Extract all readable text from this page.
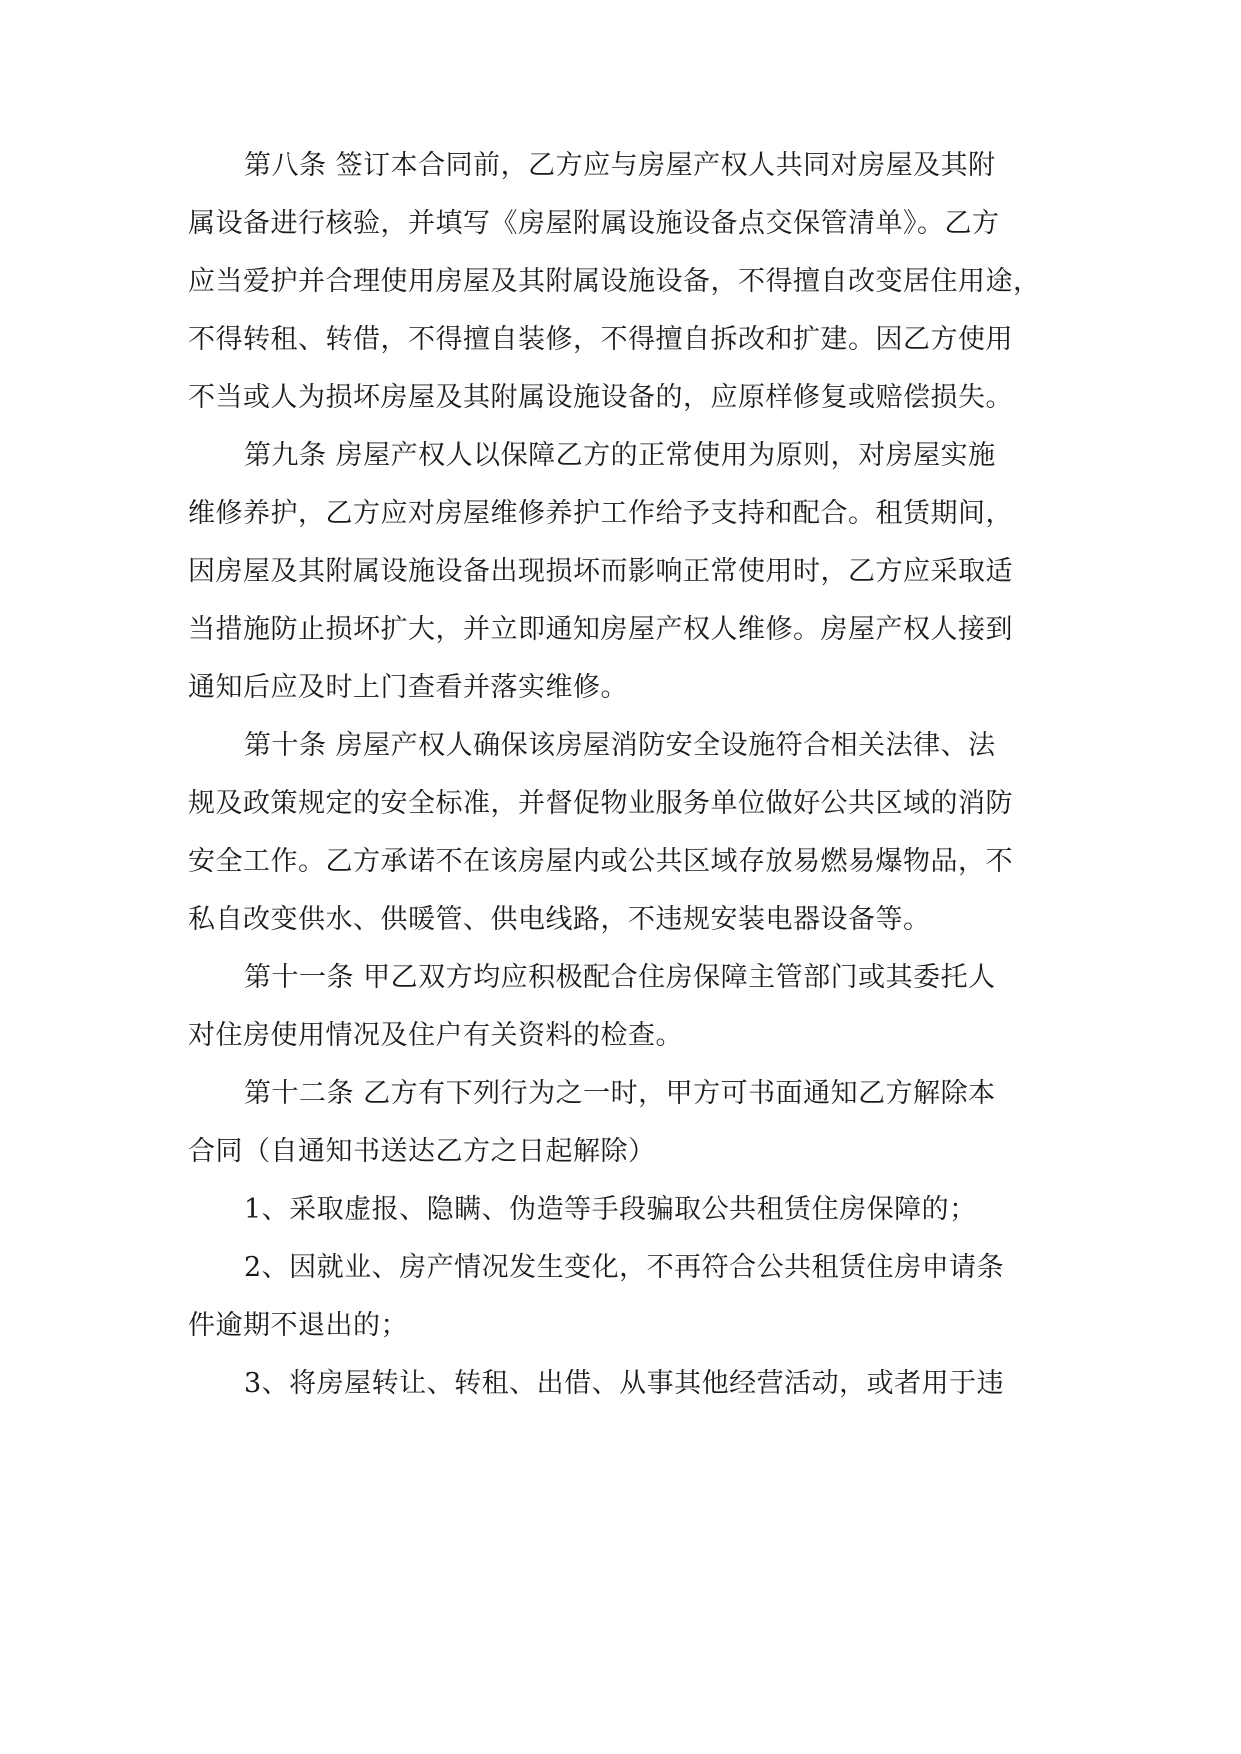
第八条 签订本合同前，乙方应与房屋产权人共同对房屋及其附

属设备进行核验，并填写《房屋附属设施设备点交保管清单》。乙方

应当爱护并合理使用房屋及其附属设施设备，不得擅自改变居住用途，

不得转租、转借，不得擅自装修，不得擅自拆改和扩建。因乙方使用

不当或人为损坏房屋及其附属设施设备的，应原样修复或赔偿损失。

第九条 房屋产权人以保障乙方的正常使用为原则，对房屋实施

维修养护，乙方应对房屋维修养护工作给予支持和配合。租赁期间，

因房屋及其附属设施设备出现损坏而影响正常使用时，乙方应采取适

当措施防止损坏扩大，并立即通知房屋产权人维修。房屋产权人接到

通知后应及时上门查看并落实维修。

第十条 房屋产权人确保该房屋消防安全设施符合相关法律、法

规及政策规定的安全标准，并督促物业服务单位做好公共区域的消防

安全工作。乙方承诺不在该房屋内或公共区域存放易燃易爆物品，不

私自改变供水、供暖管、供电线路，不违规安装电器设备等。

第十一条 甲乙双方均应积极配合住房保障主管部门或其委托人

对住房使用情况及住户有关资料的检查。

第十二条 乙方有下列行为之一时，甲方可书面通知乙方解除本

合同（自通知书送达乙方之日起解除）

1、采取虚报、隐瞒、伪造等手段骗取公共租赁住房保障的；

2、因就业、房产情况发生变化，不再符合公共租赁住房申请条

件逾期不退出的；

3、将房屋转让、转租、出借、从事其他经营活动，或者用于违
